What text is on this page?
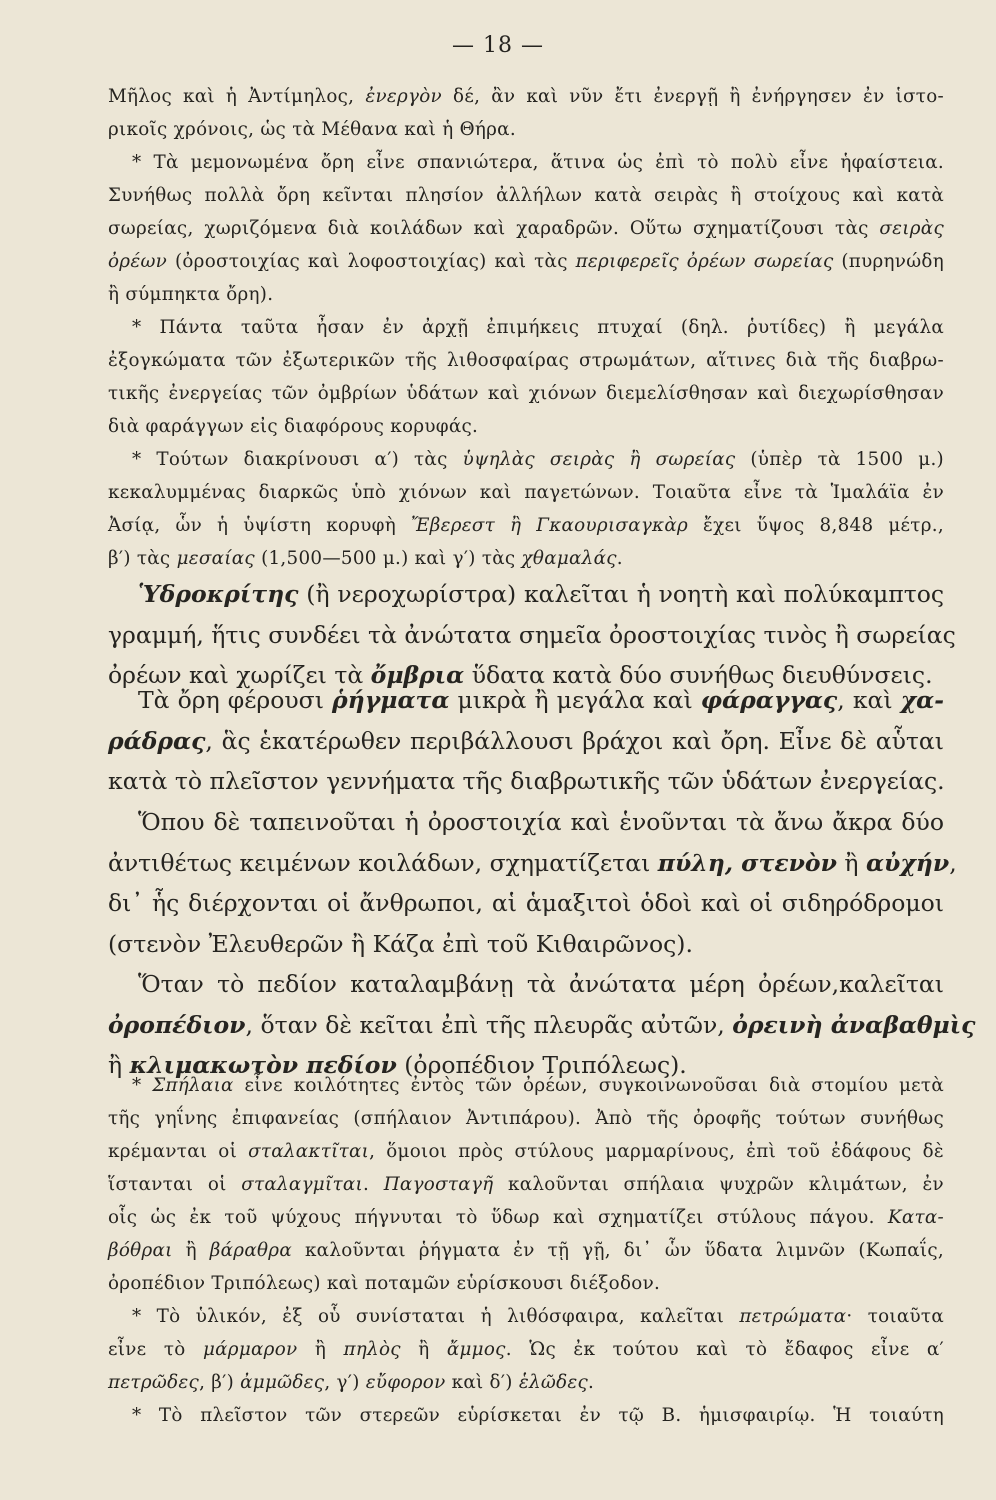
— 18 —
Μῆλος καὶ ἡ Ἀντίμηλος, ἐνεργὸν δέ, ἂν καὶ νῦν ἔτι ἐνεργῇ ἢ ἐνήργησεν ἐν ἱστο-
ρικοῖς χρόνοις, ὡς τὰ Μέθανα καὶ ἡ Θήρα.
* Τὰ μεμονωμένα ὄρη εἶνε σπανιώτερα, ἅτινα ὡς ἐπὶ τὸ πολὺ εἶνε ἡφαίστεια.
Συνήθως πολλὰ ὄρη κεῖνται πλησίον ἀλλήλων κατὰ σειρὰς ἢ στοίχους καὶ κατὰ
σωρείας, χωριζόμενα διὰ κοιλάδων καὶ χαραδρῶν. Οὕτω σχηματίζουσι τὰς σειρὰς
ὀρέων (ὀροστοιχίας καὶ λοφοστοιχίας) καὶ τὰς περιφερεῖς ὀρέων σωρείας (πυρηνώδη
ἢ σύμπηκτα ὄρη).
* Πάντα ταῦτα ἦσαν ἐν ἀρχῇ ἐπιμήκεις πτυχαί (δηλ. ῥυτίδες) ἢ μεγάλα
ἐξογκώματα τῶν ἐξωτερικῶν τῆς λιθοσφαίρας στρωμάτων, αἵτινες διὰ τῆς διαβρω-
τικῆς ἐνεργείας τῶν ὀμβρίων ὑδάτων καὶ χιόνων διεμελίσθησαν καὶ διεχωρίσθησαν
διὰ φαράγγων εἰς διαφόρους κορυφάς.
* Τούτων διακρίνουσι α′) τὰς ὑψηλὰς σειρὰς ἢ σωρείας (ὑπὲρ τὰ 1500 μ.)
κεκαλυμμένας διαρκῶς ὑπὸ χιόνων καὶ παγετώνων. Τοιαῦτα εἶνε τὰ Ἱμαλάϊα ἐν
Ἀσίᾳ, ὧν ἡ ὑψίστη κορυφὴ Ἔβερεστ ἢ Γκαουρισαγκὰρ ἔχει ὕψος 8,848 μέτρ.,
β′) τὰς μεσαίας (1,500—500 μ.) καὶ γ′) τὰς χθαμαλάς.
Ὑδροκρίτης (ἢ νεροχωρίστρα) καλεῖται ἡ νοητὴ καὶ πολύκαμπτος
γραμμή, ἥτις συνδέει τὰ ἀνώτατα σημεῖα ὀροστοιχίας τινὸς ἢ σωρείας
ὀρέων καὶ χωρίζει τὰ ὄμβρια ὕδατα κατὰ δύο συνήθως διευθύνσεις.
Τὰ ὄρη φέρουσι ῥήγματα μικρὰ ἢ μεγάλα καὶ φάραγγας, καὶ χα-
ράδρας, ἃς ἑκατέρωθεν περιβάλλουσι βράχοι καὶ ὄρη. Εἶνε δὲ αὗται
κατὰ τὸ πλεῖστον γεννήματα τῆς διαβρωτικῆς τῶν ὑδάτων ἐνεργείας.
Ὅπου δὲ ταπεινοῦται ἡ ὀροστοιχία καὶ ἑνοῦνται τὰ ἄνω ἄκρα δύο
ἀντιθέτως κειμένων κοιλάδων, σχηματίζεται πύλη, στενὸν ἢ αὐχήν,
δι᾽ ἧς διέρχονται οἱ ἄνθρωποι, αἱ ἁμαξιτοὶ ὁδοὶ καὶ οἱ σιδηρόδρομοι
(στενὸν Ἐλευθερῶν ἢ Κάζα ἐπὶ τοῦ Κιθαιρῶνος).
Ὅταν τὸ πεδίον καταλαμβάνῃ τὰ ἀνώτατα μέρη ὀρέων,καλεῖται
ὀροπέδιον, ὅταν δὲ κεῖται ἐπὶ τῆς πλευρᾶς αὐτῶν, ὀρεινὴ ἀναβαθμὶς
ἢ κλιμακωτὸν πεδίον (ὀροπέδιον Τριπόλεως).
* Σπήλαια εἶνε κοιλότητες ἐντὸς τῶν ὀρέων, συγκοινωνοῦσαι διὰ στομίου μετὰ
τῆς γηΐνης ἐπιφανείας (σπήλαιον Ἀντιπάρου). Ἀπὸ τῆς ὀροφῆς τούτων συνήθως
κρέμανται οἱ σταλακτῖται, ὅμοιοι πρὸς στύλους μαρμαρίνους, ἐπὶ τοῦ ἐδάφους δὲ
ἵστανται οἱ σταλαγμῖται. Παγοσταγῆ καλοῦνται σπήλαια ψυχρῶν κλιμάτων, ἐν
οἷς ὡς ἐκ τοῦ ψύχους πήγνυται τὸ ὕδωρ καὶ σχηματίζει στύλους πάγου. Κατα-
βόθραι ἢ βάραθρα καλοῦνται ῥήγματα ἐν τῇ γῇ, δι᾽ ὧν ὕδατα λιμνῶν (Κωπαΐς,
ὀροπέδιον Τριπόλεως) καὶ ποταμῶν εὑρίσκουσι διέξοδον.
* Τὸ ὑλικόν, ἐξ οὗ συνίσταται ἡ λιθόσφαιρα, καλεῖται πετρώματα· τοιαῦτα
εἶνε τὸ μάρμαρον ἢ πηλὸς ἢ ἄμμος. Ὡς ἐκ τούτου καὶ τὸ ἔδαφος εἶνε α′
πετρῶδες, β′) ἀμμῶδες, γ′) εὔφορον καὶ δ′) ἑλῶδες.
* Τὸ πλεῖστον τῶν στερεῶν εὑρίσκεται ἐν τῷ Β. ἡμισφαιρίῳ. Ἡ τοιαύτη
